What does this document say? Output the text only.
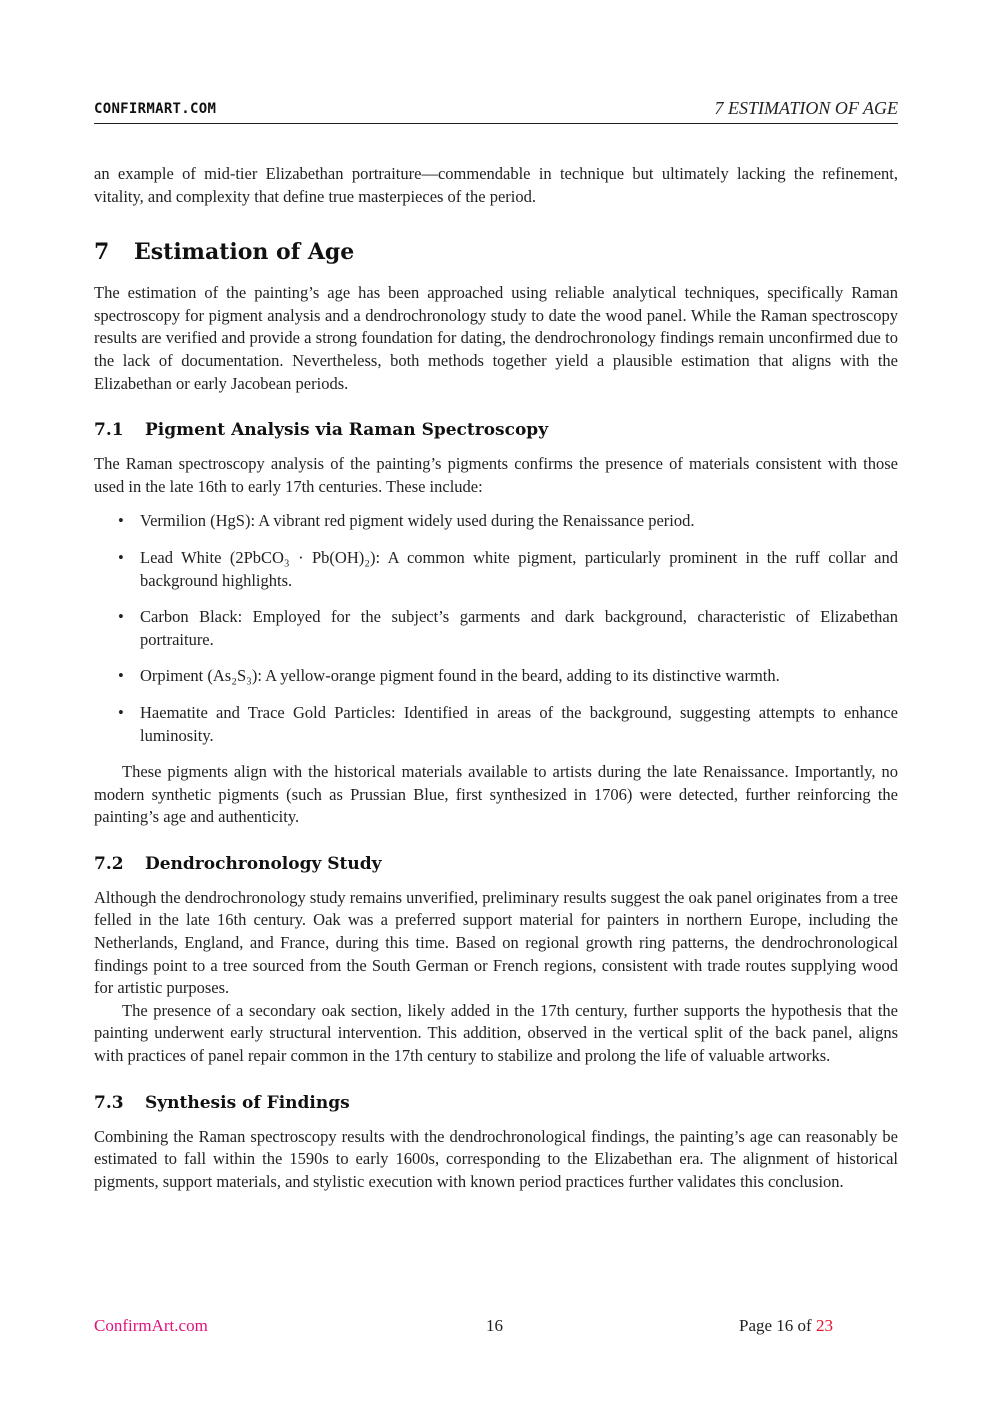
CONFIRMART.COM	7 ESTIMATION OF AGE

an example of mid-tier Elizabethan portraiture—commendable in technique but ultimately lacking the refinement, vitality, and complexity that define true masterpieces of the period.

7 Estimation of Age

The estimation of the painting’s age has been approached using reliable analytical techniques, specifically Raman spectroscopy for pigment analysis and a dendrochronology study to date the wood panel. While the Raman spectroscopy results are verified and provide a strong foundation for dating, the dendrochronology findings remain unconfirmed due to the lack of documentation. Nevertheless, both methods together yield a plausible estimation that aligns with the Elizabethan or early Jacobean periods.

7.1 Pigment Analysis via Raman Spectroscopy

The Raman spectroscopy analysis of the painting’s pigments confirms the presence of materials consistent with those used in the late 16th to early 17th centuries. These include:

• Vermilion (HgS): A vibrant red pigment widely used during the Renaissance period.
• Lead White (2PbCO₃ · Pb(OH)₂): A common white pigment, particularly prominent in the ruff collar and background highlights.
• Carbon Black: Employed for the subject’s garments and dark background, characteristic of Elizabethan portraiture.
• Orpiment (As₂S₃): A yellow-orange pigment found in the beard, adding to its distinctive warmth.
• Haematite and Trace Gold Particles: Identified in areas of the background, suggesting attempts to enhance luminosity.

These pigments align with the historical materials available to artists during the late Renaissance. Importantly, no modern synthetic pigments (such as Prussian Blue, first synthesized in 1706) were detected, further reinforcing the painting’s age and authenticity.

7.2 Dendrochronology Study

Although the dendrochronology study remains unverified, preliminary results suggest the oak panel originates from a tree felled in the late 16th century. Oak was a preferred support material for painters in northern Europe, including the Netherlands, England, and France, during this time. Based on regional growth ring patterns, the dendrochronological findings point to a tree sourced from the South German or French regions, consistent with trade routes supplying wood for artistic purposes.

The presence of a secondary oak section, likely added in the 17th century, further supports the hypothesis that the painting underwent early structural intervention. This addition, observed in the vertical split of the back panel, aligns with practices of panel repair common in the 17th century to stabilize and prolong the life of valuable artworks.

7.3 Synthesis of Findings

Combining the Raman spectroscopy results with the dendrochronological findings, the painting’s age can reasonably be estimated to fall within the 1590s to early 1600s, corresponding to the Elizabethan era. The alignment of historical pigments, support materials, and stylistic execution with known period practices further validates this conclusion.

ConfirmArt.com	16	Page 16 of 23
